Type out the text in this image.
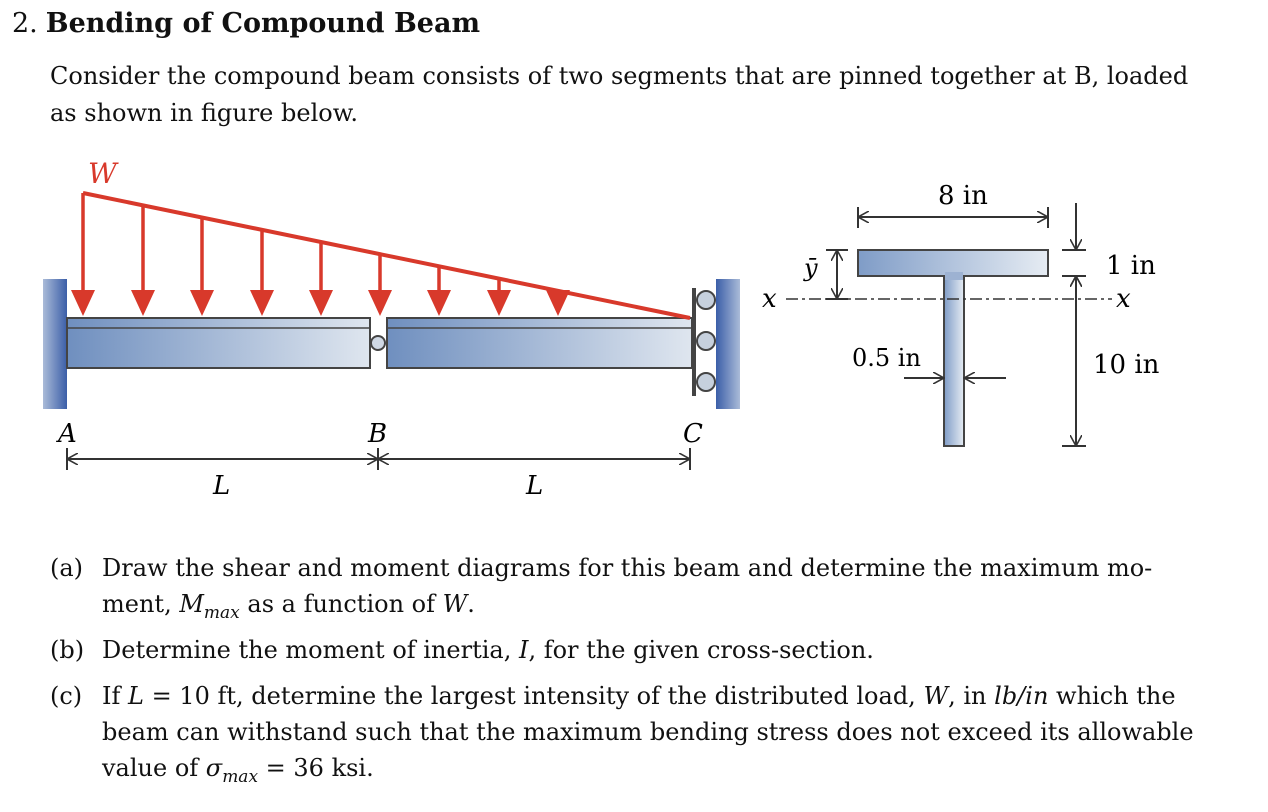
2. Bending of Compound Beam
Consider the compound beam consists of two segments that are pinned together at B, loaded
as shown in figure below.
W
A	B	C
L	L
x	x
8 in
ȳ	1 in
10 in
0.5 in
(a) Draw the shear and moment diagrams for this beam and determine the maximum mo-
ment, $M_{max}$ as a function of W.
(b) Determine the moment of inertia, I, for the given cross-section.
(c) If L = 10 ft, determine the largest intensity of the distributed load, W, in lb/in which the
beam can withstand such that the maximum bending stress does not exceed its allowable
value of $\sigma_{max} = 36$ ksi.
